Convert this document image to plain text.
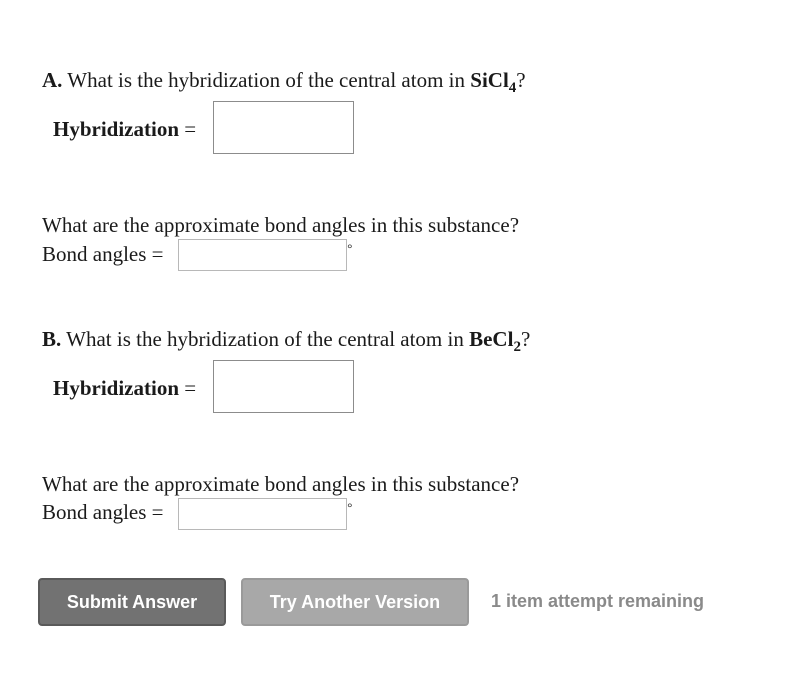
A. What is the hybridization of the central atom in SiCl$_4$?
Hybridization =
What are the approximate bond angles in this substance?
Bond angles =	°
B. What is the hybridization of the central atom in BeCl$_2$?
Hybridization =
What are the approximate bond angles in this substance?
Bond angles =	°
Submit Answer	Try Another Version	1 item attempt remaining
